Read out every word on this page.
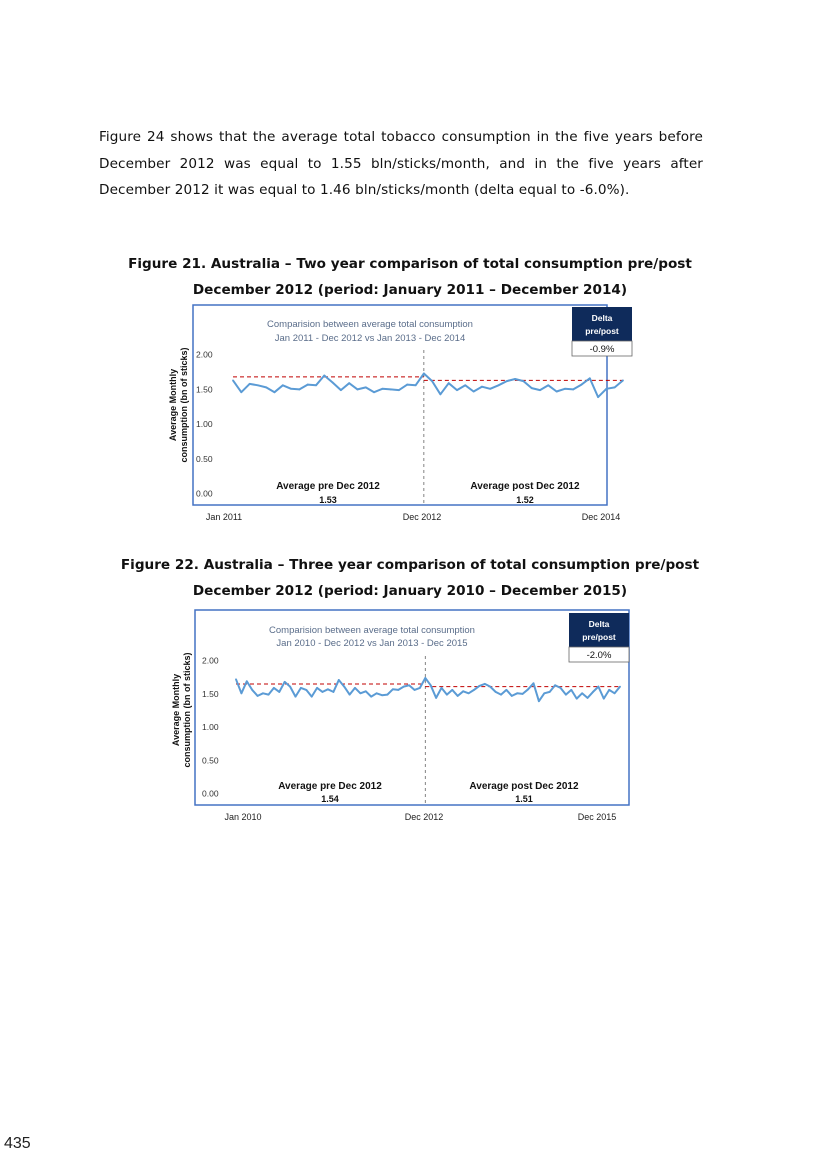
Figure 24 shows that the average total tobacco consumption in the five years before
December 2012 was equal to 1.55 bln/sticks/month, and in the five years after
December 2012 it was equal to 1.46 bln/sticks/month (delta equal to -6.0%).
Figure 21. Australia – Two year comparison of total consumption pre/post
December 2012 (period: January 2011 – December 2014)
Comparision between average total consumption
Jan 2011 - Dec 2012 vs Jan 2013 - Dec 2014
Delta
pre/post
-0.9%
Average Monthly consumption (bn of sticks) 2.00
1.50
1.00
0.50
0.00
Average pre Dec 2012
1.53
Average post Dec 2012
1.52
Jan 2011	Dec 2012	Dec 2014
Figure 22. Australia – Three year comparison of total consumption pre/post
December 2012 (period: January 2010 – December 2015)
Comparision between average total consumption
Jan 2010 - Dec 2012 vs Jan 2013 - Dec 2015
Delta
pre/post
-2.0%
Average Monthly consumption (bn of sticks) 2.00
1.50
1.00
0.50
0.00
Average pre Dec 2012
1.54
Average post Dec 2012
1.51
Jan 2010	Dec 2012	Dec 2015
435
